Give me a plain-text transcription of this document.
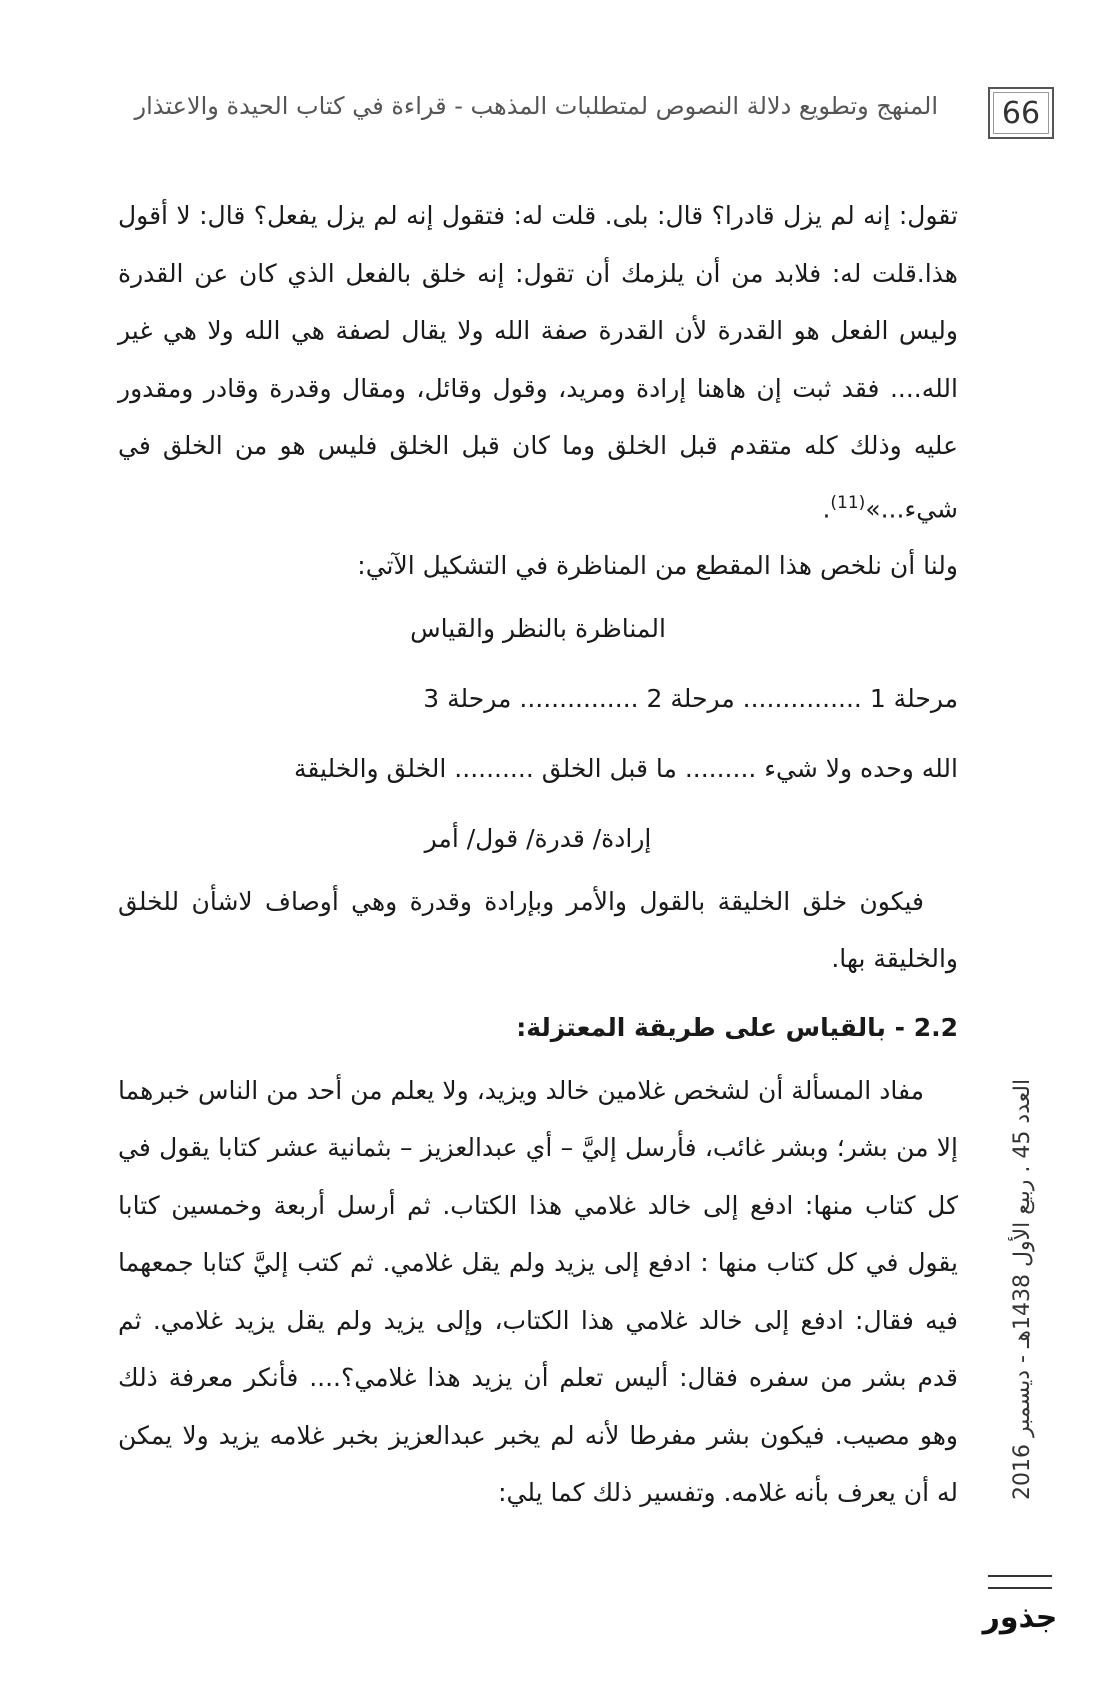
66
المنهج وتطويع دلالة النصوص لمتطلبات المذهب - قراءة في كتاب الحيدة والاعتذار

تقول: إنه لم يزل قادرا؟ قال: بلى. قلت له: فتقول إنه لم يزل يفعل؟ قال: لا أقول هذا.قلت له: فلابد من أن يلزمك أن تقول: إنه خلق بالفعل الذي كان عن القدرة وليس الفعل هو القدرة لأن القدرة صفة الله ولا يقال لصفة هي الله ولا هي غير الله.... فقد ثبت إن هاهنا إرادة ومريد، وقول وقائل، ومقال وقدرة وقادر ومقدور عليه وذلك كله متقدم قبل الخلق وما كان قبل الخلق فليس هو من الخلق في شيء...»$^{(11)}$.

ولنا أن نلخص هذا المقطع من المناظرة في التشكيل الآتي:

المناظرة بالنظر والقياس

مرحلة 1 ............... مرحلة 2 ............... مرحلة 3

الله وحده ولا شيء ......... ما قبل الخلق .......... الخلق والخليقة

إرادة/ قدرة/ قول/ أمر

فيكون خلق الخليقة بالقول والأمر وبإرادة وقدرة وهي أوصاف لاشأن للخلق والخليقة بها.

2.2 - بالقياس على طريقة المعتزلة:

مفاد المسألة أن لشخص غلامين خالد ويزيد، ولا يعلم من أحد من الناس خبرهما إلا من بشر؛ وبشر غائب، فأرسل إليَّ – أي عبدالعزيز – بثمانية عشر كتابا يقول في كل كتاب منها: ادفع إلى خالد غلامي هذا الكتاب. ثم أرسل أربعة وخمسين كتابا يقول في كل كتاب منها : ادفع إلى يزيد ولم يقل غلامي. ثم كتب إليَّ كتابا جمعهما فيه فقال: ادفع إلى خالد غلامي هذا الكتاب، وإلى يزيد ولم يقل يزيد غلامي. ثم قدم بشر من سفره فقال: أليس تعلم أن يزيد هذا غلامي؟.... فأنكر معرفة ذلك وهو مصيب. فيكون بشر مفرطا لأنه لم يخبر عبدالعزيز بخبر غلامه يزيد ولا يمكن له أن يعرف بأنه غلامه. وتفسير ذلك كما يلي: العدد 45 . ربيع الأول 1438هـ - ديسمبر 2016
جذور
